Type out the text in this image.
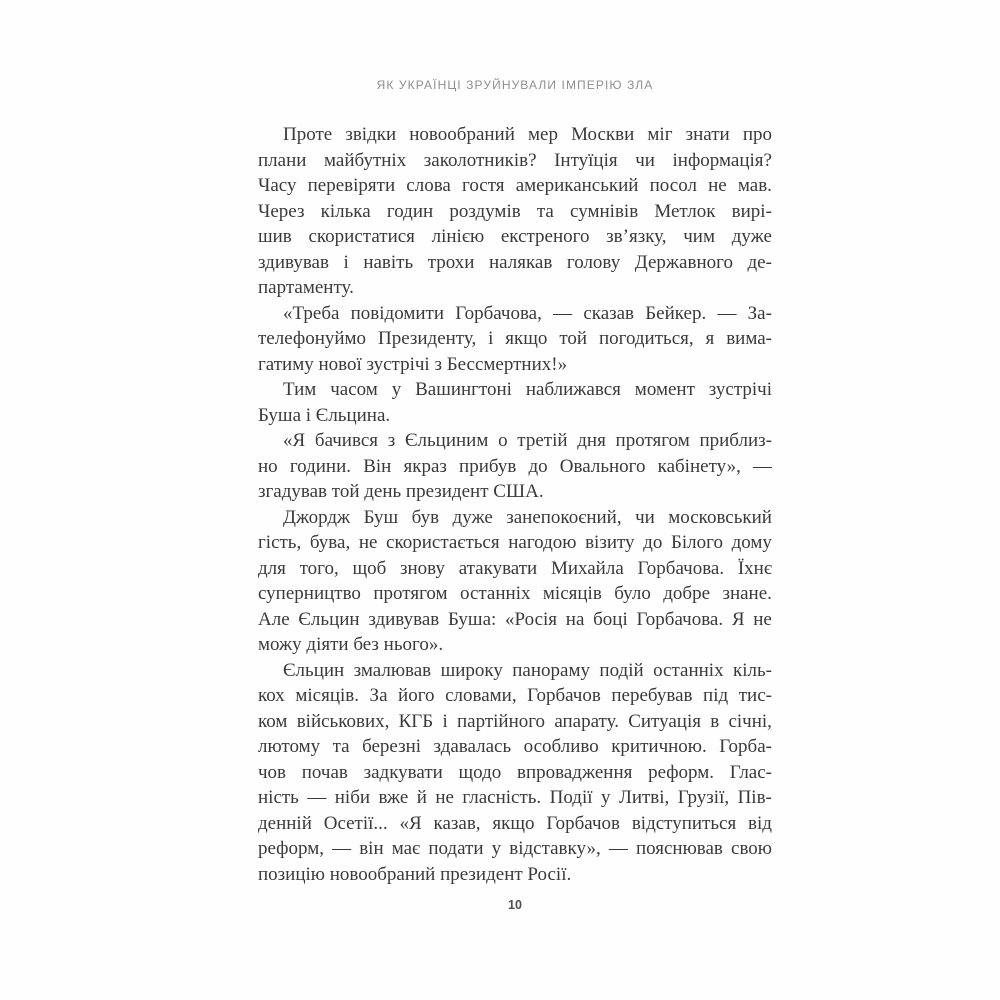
ЯК УКРАЇНЦІ ЗРУЙНУВАЛИ ІМПЕРІЮ ЗЛА
Проте звідки новообраний мер Москви міг знати про
плани майбутніх заколотників? Інтуїція чи інформація?
Часу перевіряти слова гостя американський посол не мав.
Через кілька годин роздумів та сумнівів Метлок вирі-
шив скористатися лінією екстреного зв’язку, чим дуже
здивував і навіть трохи налякав голову Державного де-
партаменту.
«Треба повідомити Горбачова, — сказав Бейкер. — За-
телефонуймо Президенту, і якщо той погодиться, я вима-
гатиму нової зустрічі з Бессмертних!»
Тим часом у Вашингтоні наближався момент зустрічі
Буша і Єльцина.
«Я бачився з Єльциним о третій дня протягом приблиз-
но години. Він якраз прибув до Овального кабінету», —
згадував той день президент США.
Джордж Буш був дуже занепокоєний, чи московський
гість, бува, не скористається нагодою візиту до Білого дому
для того, щоб знову атакувати Михайла Горбачова. Їхнє
суперництво протягом останніх місяців було добре знане.
Але Єльцин здивував Буша: «Росія на боці Горбачова. Я не
можу діяти без нього».
Єльцин змалював широку панораму подій останніх кіль-
кох місяців. За його словами, Горбачов перебував під тис-
ком військових, КГБ і партійного апарату. Ситуація в січні,
лютому та березні здавалась особливо критичною. Горба-
чов почав задкувати щодо впровадження реформ. Глас-
ність — ніби вже й не гласність. Події у Литві, Грузії, Пів-
денній Осетії... «Я казав, якщо Горбачов відступиться від
реформ, — він має подати у відставку», — пояснював свою
позицію новообраний президент Росії.
10
